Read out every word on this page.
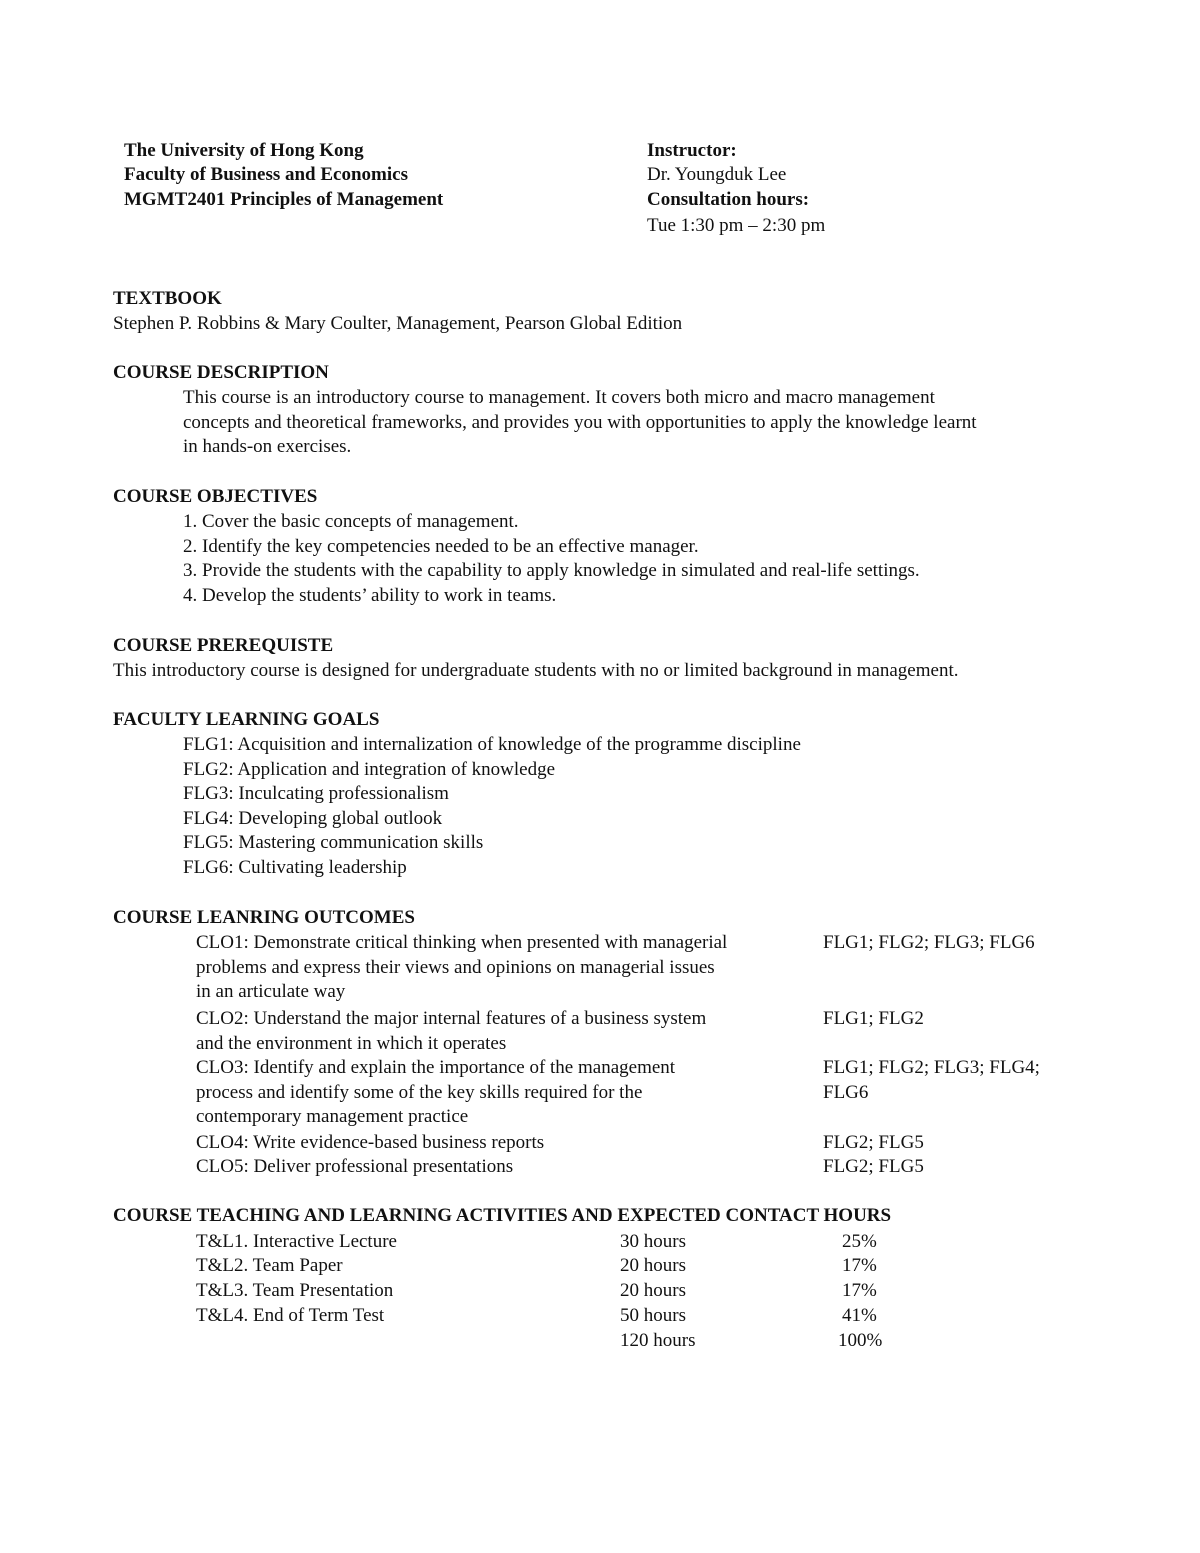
The University of Hong Kong
Faculty of Business and Economics
MGMT2401 Principles of Management
Instructor:
Dr. Youngduk Lee
Consultation hours:
Tue 1:30 pm – 2:30 pm
TEXTBOOK
Stephen P. Robbins & Mary Coulter, Management, Pearson Global Edition
COURSE DESCRIPTION
This course is an introductory course to management. It covers both micro and macro management
concepts and theoretical frameworks, and provides you with opportunities to apply the knowledge learnt
in hands-on exercises.
COURSE OBJECTIVES
1. Cover the basic concepts of management.
2. Identify the key competencies needed to be an effective manager.
3. Provide the students with the capability to apply knowledge in simulated and real-life settings.
4. Develop the students’ ability to work in teams.
COURSE PREREQUISTE
This introductory course is designed for undergraduate students with no or limited background in management.
FACULTY LEARNING GOALS
FLG1: Acquisition and internalization of knowledge of the programme discipline
FLG2: Application and integration of knowledge
FLG3: Inculcating professionalism
FLG4: Developing global outlook
FLG5: Mastering communication skills
FLG6: Cultivating leadership
COURSE LEANRING OUTCOMES
CLO1: Demonstrate critical thinking when presented with managerial
problems and express their views and opinions on managerial issues
in an articulate way
FLG1; FLG2; FLG3; FLG6
CLO2: Understand the major internal features of a business system
and the environment in which it operates
FLG1; FLG2
CLO3: Identify and explain the importance of the management
process and identify some of the key skills required for the
contemporary management practice
FLG1; FLG2; FLG3; FLG4;
FLG6
CLO4: Write evidence-based business reports	FLG2; FLG5
CLO5: Deliver professional presentations	FLG2; FLG5
COURSE TEACHING AND LEARNING ACTIVITIES AND EXPECTED CONTACT HOURS
T&L1. Interactive Lecture	30 hours	25%
T&L2. Team Paper	20 hours	17%
T&L3. Team Presentation	20 hours	17%
T&L4. End of Term Test	50 hours	41%
120 hours	100%
